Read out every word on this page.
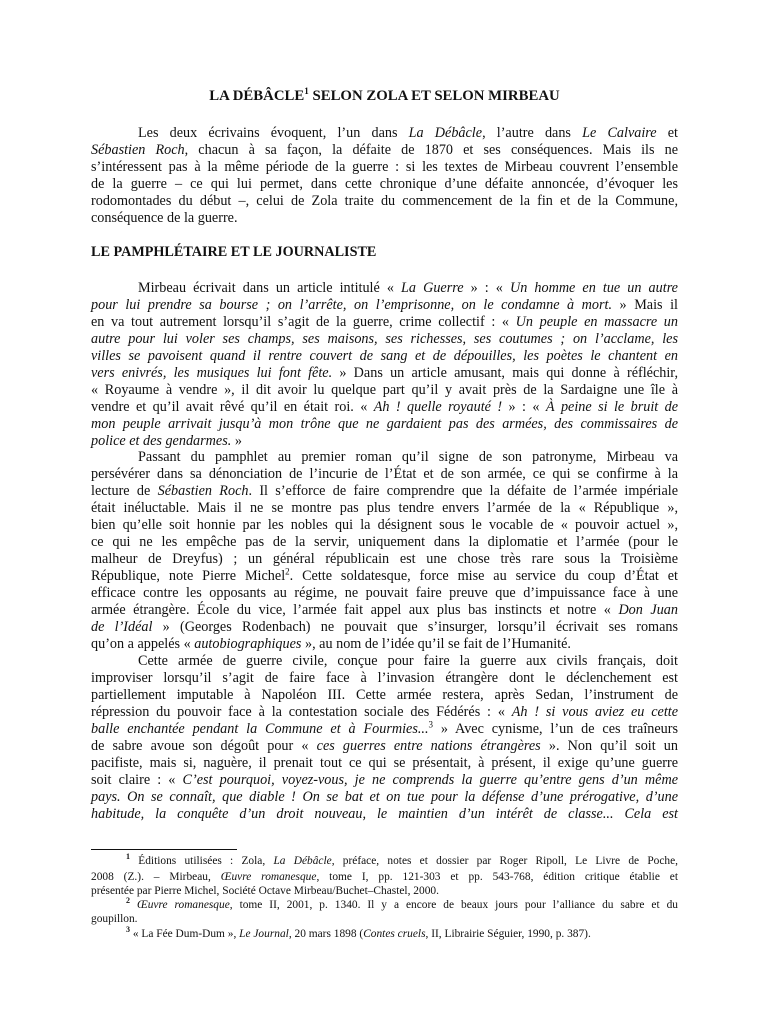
LA DÉBÂCLE$^1$ SELON ZOLA ET SELON MIRBEAU
Les deux écrivains évoquent, l’un dans La Débâcle, l’autre dans Le Calvaire et
Sébastien Roch, chacun à sa façon, la défaite de 1870 et ses conséquences. Mais ils ne
s’intéressent pas à la même période de la guerre : si les textes de Mirbeau couvrent l’ensemble
de la guerre – ce qui lui permet, dans cette chronique d’une défaite annoncée, d’évoquer les
rodomontades du début –, celui de Zola traite du commencement de la fin et de la Commune,
conséquence de la guerre.
Mirbeau écrivait dans un article intitulé « La Guerre » : « Un homme en tue un autre
pour lui prendre sa bourse ; on l’arrête, on l’emprisonne, on le condamne à mort. » Mais il
en va tout autrement lorsqu’il s’agit de la guerre, crime collectif : « Un peuple en massacre un
autre pour lui voler ses champs, ses maisons, ses richesses, ses coutumes ; on l’acclame, les
villes se pavoisent quand il rentre couvert de sang et de dépouilles, les poètes le chantent en
vers enivrés, les musiques lui font fête. » Dans un article amusant, mais qui donne à réfléchir,
« Royaume à vendre », il dit avoir lu quelque part qu’il y avait près de la Sardaigne une île à
vendre et qu’il avait rêvé qu’il en était roi. « Ah ! quelle royauté ! » : « À peine si le bruit de
mon peuple arrivait jusqu’à mon trône que ne gardaient pas des armées, des commissaires de
police et des gendarmes. »
Passant du pamphlet au premier roman qu’il signe de son patronyme, Mirbeau va
persévérer dans sa dénonciation de l’incurie de l’État et de son armée, ce qui se confirme à la
lecture de Sébastien Roch. Il s’efforce de faire comprendre que la défaite de l’armée impériale
était inéluctable. Mais il ne se montre pas plus tendre envers l’armée de la « République »,
bien qu’elle soit honnie par les nobles qui la désignent sous le vocable de « pouvoir actuel »,
ce qui ne les empêche pas de la servir, uniquement dans la diplomatie et l’armée (pour le
malheur de Dreyfus) ; un général républicain est une chose très rare sous la Troisième
République, note Pierre Michel$^2$. Cette soldatesque, force mise au service du coup d’État et
efficace contre les opposants au régime, ne pouvait faire preuve que d’impuissance face à une
armée étrangère. École du vice, l’armée fait appel aux plus bas instincts et notre « Don Juan
de l’Idéal » (Georges Rodenbach) ne pouvait que s’insurger, lorsqu’il écrivait ses romans
qu’on a appelés « autobiographiques », au nom de l’idée qu’il se fait de l’Humanité.
Cette armée de guerre civile, conçue pour faire la guerre aux civils français, doit
improviser lorsqu’il s’agit de faire face à l’invasion étrangère dont le déclenchement est
partiellement imputable à Napoléon III. Cette armée restera, après Sedan, l’instrument de
répression du pouvoir face à la contestation sociale des Fédérés : « Ah ! si vous aviez eu cette
balle enchantée pendant la Commune et à Fourmies...$^3$ » Avec cynisme, l’un de ces traîneurs
de sabre avoue son dégoût pour « ces guerres entre nations étrangères ». Non qu’il soit un
pacifiste, mais si, naguère, il prenait tout ce qui se présentait, à présent, il exige qu’une guerre
soit claire : « C’est pourquoi, voyez-vous, je ne comprends la guerre qu’entre gens d’un même
pays. On se connaît, que diable ! On se bat et on tue pour la défense d’une prérogative, d’une
habitude, la conquête d’un droit nouveau, le maintien d’un intérêt de classe... Cela est
LE PAMPHLÉTAIRE ET LE JOURNALISTE
$^1$ Éditions utilisées : Zola, La Débâcle, préface, notes et dossier par Roger Ripoll, Le Livre de Poche,
2008 (Z.). – Mirbeau, Œuvre romanesque, tome I, pp. 121-303 et pp. 543-768, édition critique établie et
présentée par Pierre Michel, Société Octave Mirbeau/Buchet–Chastel, 2000.
$^2$ Œuvre romanesque, tome II, 2001, p. 1340. Il y a encore de beaux jours pour l’alliance du sabre et du
goupillon.
$^3$ « La Fée Dum-Dum », Le Journal, 20 mars 1898 (Contes cruels, II, Librairie Séguier, 1990, p. 387).
